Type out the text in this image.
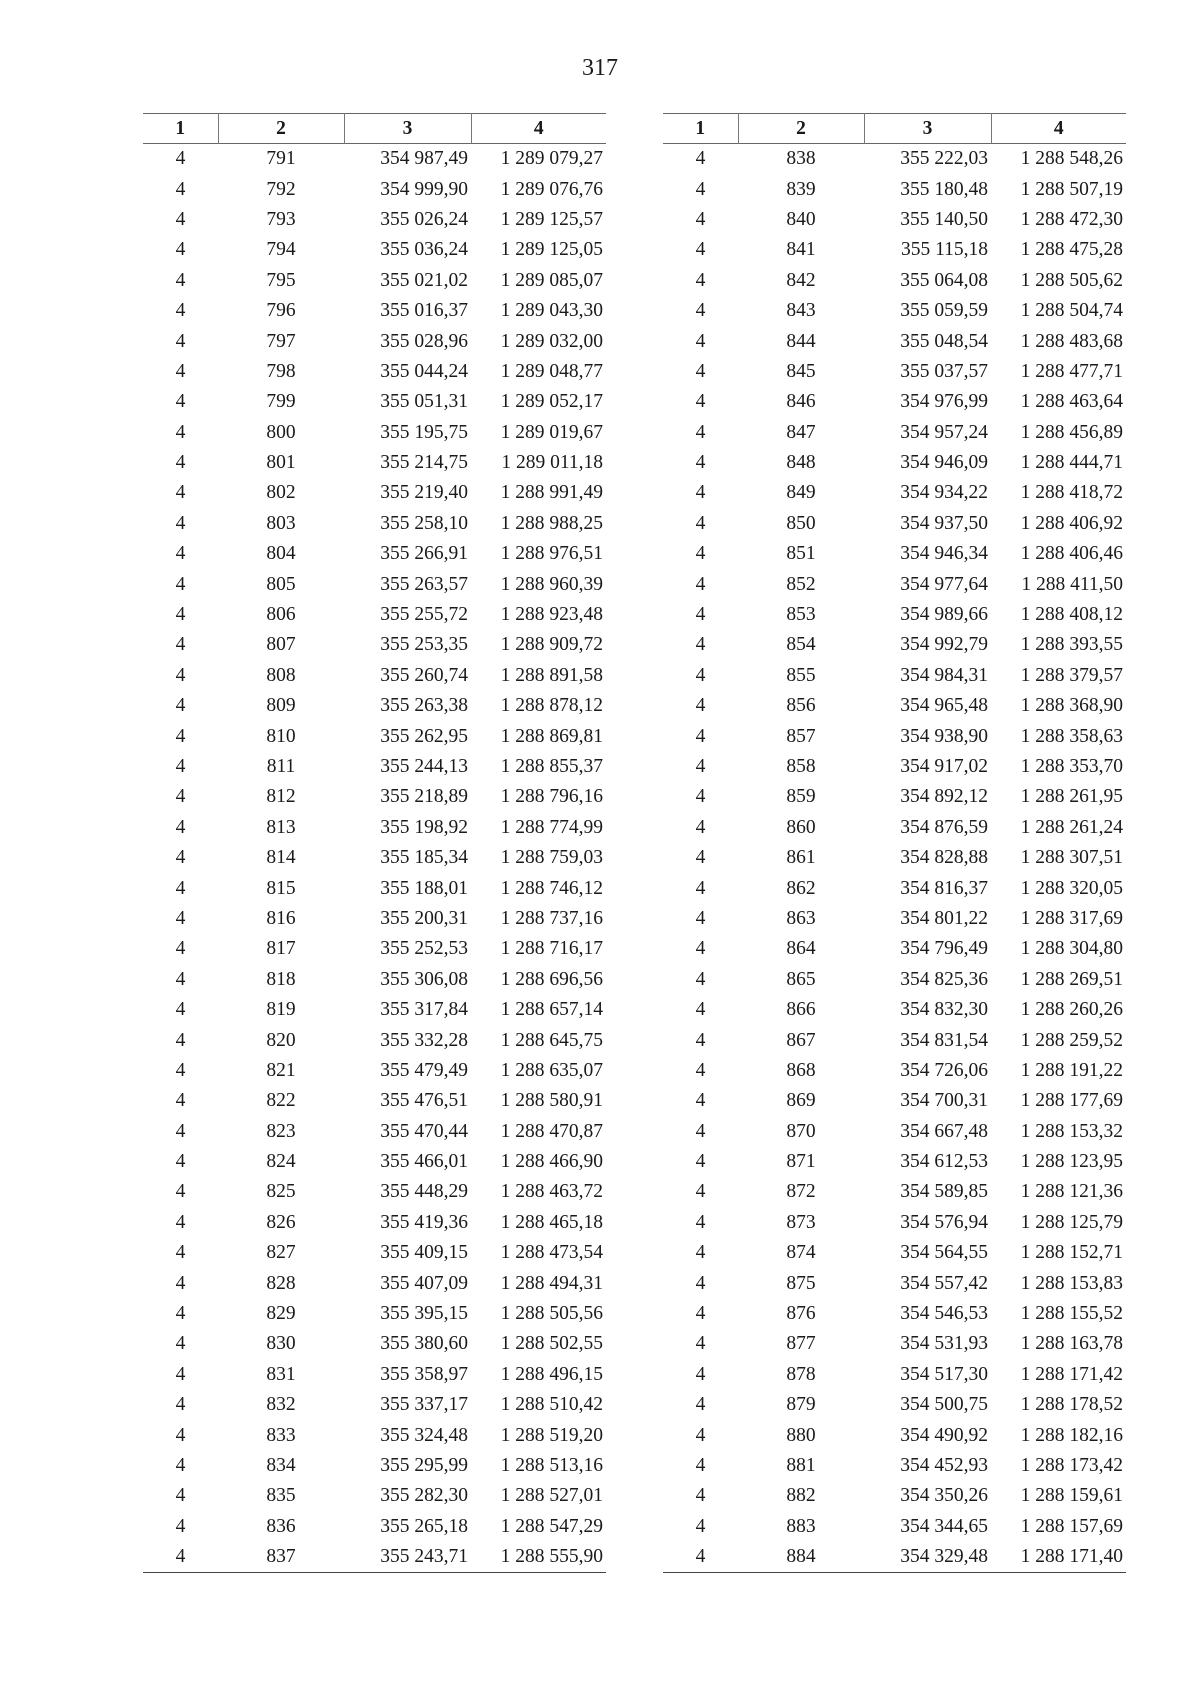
317
1	2	3	4
4	791	354 987,49	1 289 079,27
4	792	354 999,90	1 289 076,76
4	793	355 026,24	1 289 125,57
4	794	355 036,24	1 289 125,05
4	795	355 021,02	1 289 085,07
4	796	355 016,37	1 289 043,30
4	797	355 028,96	1 289 032,00
4	798	355 044,24	1 289 048,77
4	799	355 051,31	1 289 052,17
4	800	355 195,75	1 289 019,67
4	801	355 214,75	1 289 011,18
4	802	355 219,40	1 288 991,49
4	803	355 258,10	1 288 988,25
4	804	355 266,91	1 288 976,51
4	805	355 263,57	1 288 960,39
4	806	355 255,72	1 288 923,48
4	807	355 253,35	1 288 909,72
4	808	355 260,74	1 288 891,58
4	809	355 263,38	1 288 878,12
4	810	355 262,95	1 288 869,81
4	811	355 244,13	1 288 855,37
4	812	355 218,89	1 288 796,16
4	813	355 198,92	1 288 774,99
4	814	355 185,34	1 288 759,03
4	815	355 188,01	1 288 746,12
4	816	355 200,31	1 288 737,16
4	817	355 252,53	1 288 716,17
4	818	355 306,08	1 288 696,56
4	819	355 317,84	1 288 657,14
4	820	355 332,28	1 288 645,75
4	821	355 479,49	1 288 635,07
4	822	355 476,51	1 288 580,91
4	823	355 470,44	1 288 470,87
4	824	355 466,01	1 288 466,90
4	825	355 448,29	1 288 463,72
4	826	355 419,36	1 288 465,18
4	827	355 409,15	1 288 473,54
4	828	355 407,09	1 288 494,31
4	829	355 395,15	1 288 505,56
4	830	355 380,60	1 288 502,55
4	831	355 358,97	1 288 496,15
4	832	355 337,17	1 288 510,42
4	833	355 324,48	1 288 519,20
4	834	355 295,99	1 288 513,16
4	835	355 282,30	1 288 527,01
4	836	355 265,18	1 288 547,29
4	837	355 243,71	1 288 555,90
1	2	3	4
4	838	355 222,03	1 288 548,26
4	839	355 180,48	1 288 507,19
4	840	355 140,50	1 288 472,30
4	841	355 115,18	1 288 475,28
4	842	355 064,08	1 288 505,62
4	843	355 059,59	1 288 504,74
4	844	355 048,54	1 288 483,68
4	845	355 037,57	1 288 477,71
4	846	354 976,99	1 288 463,64
4	847	354 957,24	1 288 456,89
4	848	354 946,09	1 288 444,71
4	849	354 934,22	1 288 418,72
4	850	354 937,50	1 288 406,92
4	851	354 946,34	1 288 406,46
4	852	354 977,64	1 288 411,50
4	853	354 989,66	1 288 408,12
4	854	354 992,79	1 288 393,55
4	855	354 984,31	1 288 379,57
4	856	354 965,48	1 288 368,90
4	857	354 938,90	1 288 358,63
4	858	354 917,02	1 288 353,70
4	859	354 892,12	1 288 261,95
4	860	354 876,59	1 288 261,24
4	861	354 828,88	1 288 307,51
4	862	354 816,37	1 288 320,05
4	863	354 801,22	1 288 317,69
4	864	354 796,49	1 288 304,80
4	865	354 825,36	1 288 269,51
4	866	354 832,30	1 288 260,26
4	867	354 831,54	1 288 259,52
4	868	354 726,06	1 288 191,22
4	869	354 700,31	1 288 177,69
4	870	354 667,48	1 288 153,32
4	871	354 612,53	1 288 123,95
4	872	354 589,85	1 288 121,36
4	873	354 576,94	1 288 125,79
4	874	354 564,55	1 288 152,71
4	875	354 557,42	1 288 153,83
4	876	354 546,53	1 288 155,52
4	877	354 531,93	1 288 163,78
4	878	354 517,30	1 288 171,42
4	879	354 500,75	1 288 178,52
4	880	354 490,92	1 288 182,16
4	881	354 452,93	1 288 173,42
4	882	354 350,26	1 288 159,61
4	883	354 344,65	1 288 157,69
4	884	354 329,48	1 288 171,40
